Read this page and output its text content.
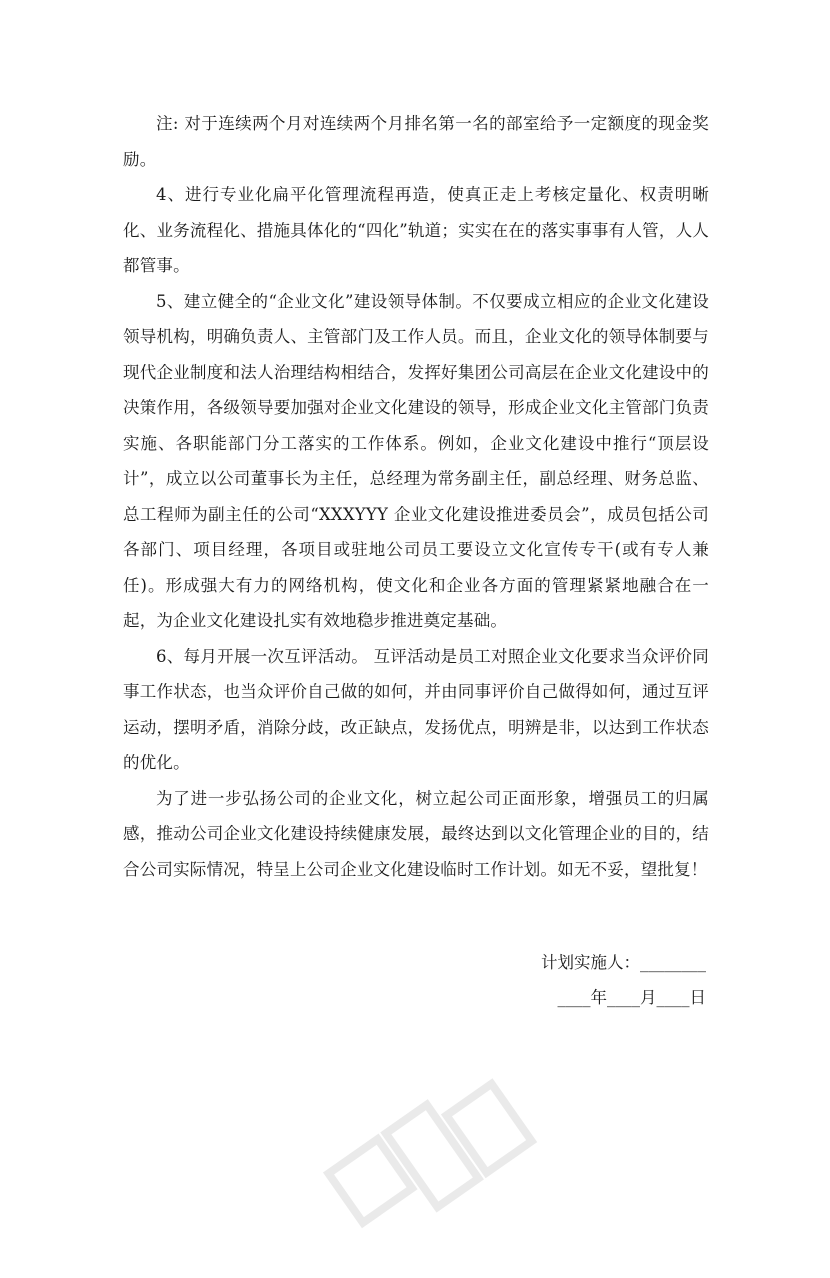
注: 对于连续两个月对连续两个月排名第一名的部室给予一定额度的现金奖励。

4、进行专业化扁平化管理流程再造，使真正走上考核定量化、权责明晰化、业务流程化、措施具体化的“四化”轨道；实实在在的落实事事有人管，人人都管事。

5、建立健全的“企业文化”建设领导体制。不仅要成立相应的企业文化建设领导机构，明确负责人、主管部门及工作人员。而且，企业文化的领导体制要与现代企业制度和法人治理结构相结合，发挥好集团公司高层在企业文化建设中的决策作用，各级领导要加强对企业文化建设的领导，形成企业文化主管部门负责实施、各职能部门分工落实的工作体系。例如，企业文化建设中推行“顶层设计”，成立以公司董事长为主任，总经理为常务副主任，副总经理、财务总监、总工程师为副主任的公司“XXXYYY 企业文化建设推进委员会”，成员包括公司各部门、项目经理，各项目或驻地公司员工要设立文化宣传专干(或有专人兼任)。形成强大有力的网络机构，使文化和企业各方面的管理紧紧地融合在一起，为企业文化建设扎实有效地稳步推进奠定基础。

6、每月开展一次互评活动。 互评活动是员工对照企业文化要求当众评价同事工作状态，也当众评价自己做的如何，并由同事评价自己做得如何，通过互评运动，摆明矛盾，消除分歧，改正缺点，发扬优点，明辨是非，以达到工作状态的优化。

为了进一步弘扬公司的企业文化，树立起公司正面形象，增强员工的归属感，推动公司企业文化建设持续健康发展，最终达到以文化管理企业的目的，结合公司实际情况，特呈上公司企业文化建设临时工作计划。如无不妥，望批复！

计划实施人：________

____年____月____日
